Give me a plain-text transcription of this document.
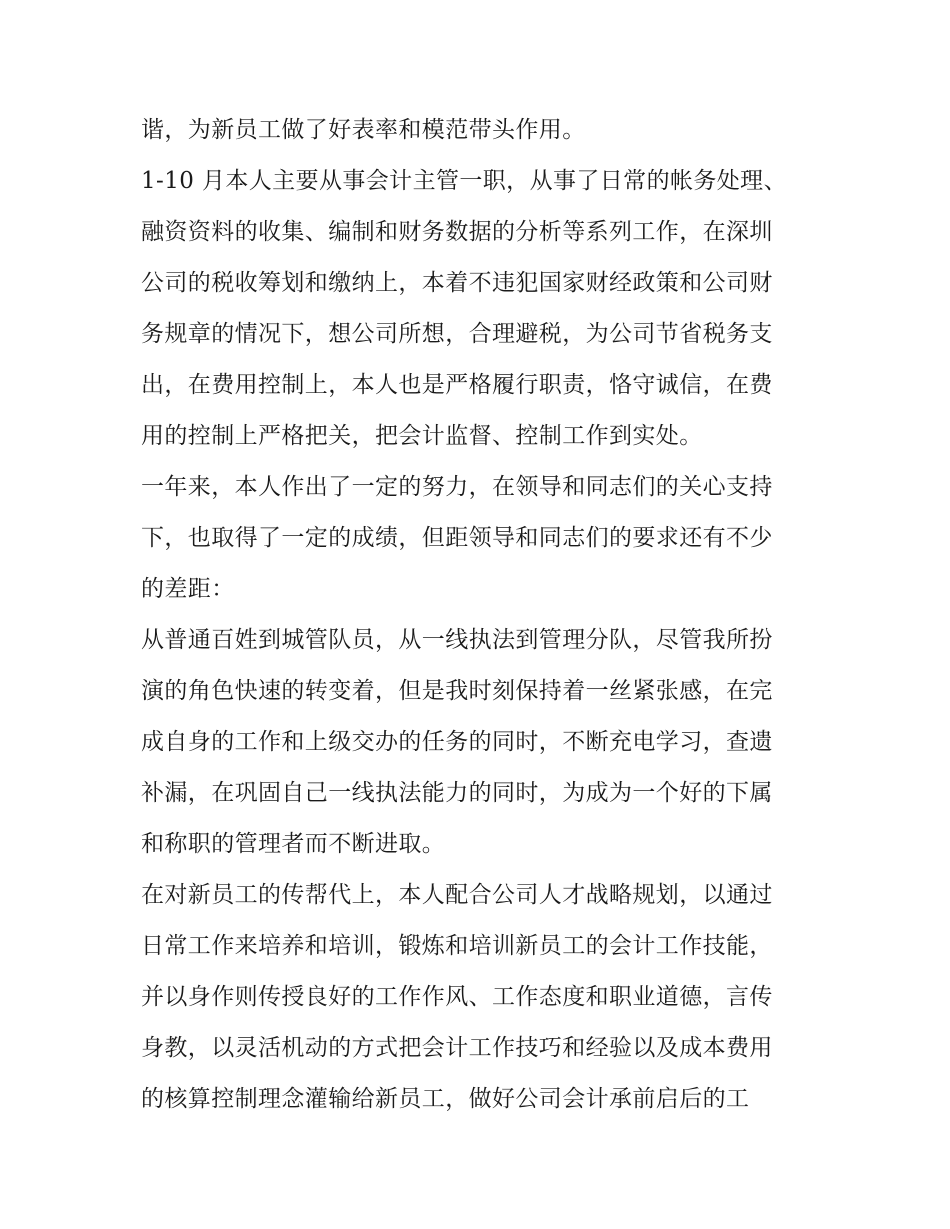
谐，为新员工做了好表率和模范带头作用。
1-10 月本人主要从事会计主管一职，从事了日常的帐务处理、
融资资料的收集、编制和财务数据的分析等系列工作，在深圳
公司的税收筹划和缴纳上，本着不违犯国家财经政策和公司财
务规章的情况下，想公司所想，合理避税，为公司节省税务支
出，在费用控制上，本人也是严格履行职责，恪守诚信，在费
用的控制上严格把关，把会计监督、控制工作到实处。
一年来，本人作出了一定的努力，在领导和同志们的关心支持
下，也取得了一定的成绩，但距领导和同志们的要求还有不少
的差距：
从普通百姓到城管队员，从一线执法到管理分队，尽管我所扮
演的角色快速的转变着，但是我时刻保持着一丝紧张感，在完
成自身的工作和上级交办的任务的同时，不断充电学习，查遗
补漏，在巩固自己一线执法能力的同时，为成为一个好的下属
和称职的管理者而不断进取。
在对新员工的传帮代上，本人配合公司人才战略规划，以通过
日常工作来培养和培训，锻炼和培训新员工的会计工作技能，
并以身作则传授良好的工作作风、工作态度和职业道德，言传
身教，以灵活机动的方式把会计工作技巧和经验以及成本费用
的核算控制理念灌输给新员工，做好公司会计承前启后的工
